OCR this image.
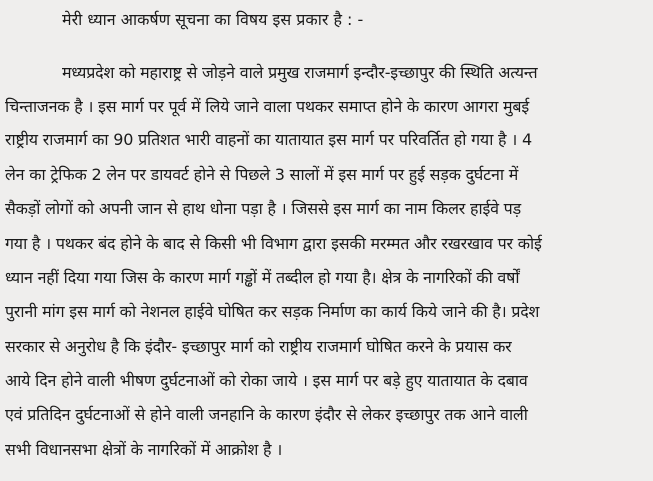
मेरी ध्यान आकर्षण सूचना का विषय इस प्रकार है : -
मध्यप्रदेश को महाराष्ट्र से जोड़ने वाले प्रमुख राजमार्ग इन्दौर-इच्छापुर की स्थिति अत्यन्त
चिन्ताजनक है । इस मार्ग पर पूर्व में लिये जाने वाला पथकर समाप्त होने के कारण आगरा मुबई
राष्ट्रीय राजमार्ग का 90 प्रतिशत भारी वाहनों का यातायात इस मार्ग पर परिवर्तित हो गया है । 4
लेन का ट्रेफिक 2 लेन पर डायवर्ट होने से पिछले 3 सालों में इस मार्ग पर हुई सड़क दुर्घटना में
सैकड़ों लोगों को अपनी जान से हाथ धोना पड़ा है । जिससे इस मार्ग का नाम किलर हाईवे पड़
गया है । पथकर बंद होने के बाद से किसी भी विभाग द्वारा इसकी मरम्मत और रखरखाव पर कोई
ध्यान नहीं दिया गया जिस के कारण मार्ग गड्ढों में तब्दील हो गया है। क्षेत्र के नागरिकों की वर्षों
पुरानी मांग इस मार्ग को नेशनल हाईवे घोषित कर सड़क निर्माण का कार्य किये जाने की है। प्रदेश
सरकार से अनुरोध है कि इंदौर- इच्छापुर मार्ग को राष्ट्रीय राजमार्ग घोषित करने के प्रयास कर
आये दिन होने वाली भीषण दुर्घटनाओं को रोका जाये । इस मार्ग पर बड़े हुए यातायात के दबाव
एवं प्रतिदिन दुर्घटनाओं से होने वाली जनहानि के कारण इंदौर से लेकर इच्छापुर तक आने वाली
सभी विधानसभा क्षेत्रों के नागरिकों में आक्रोश है ।
